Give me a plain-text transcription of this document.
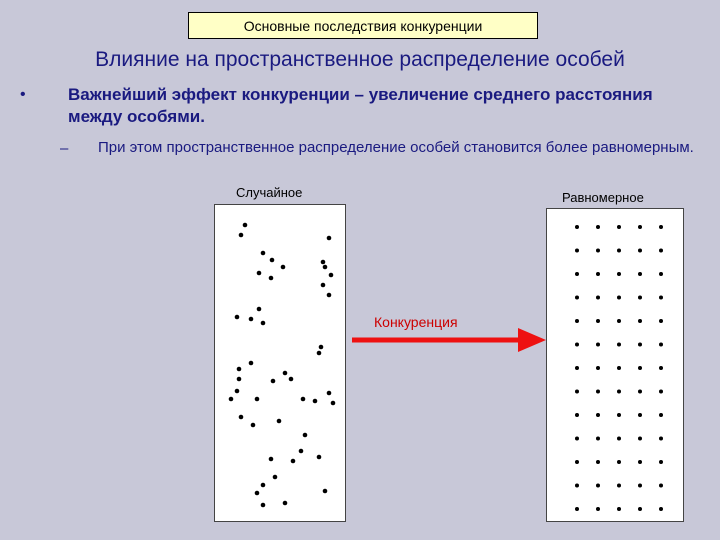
Основные последствия конкуренции
Влияние на пространственное распределение особей
• Важнейший эффект конкуренции – увеличение среднего расстояния между особями.
– При этом пространственное распределение особей становится более равномерным.
Случайное	Равномерное
Конкуренция
